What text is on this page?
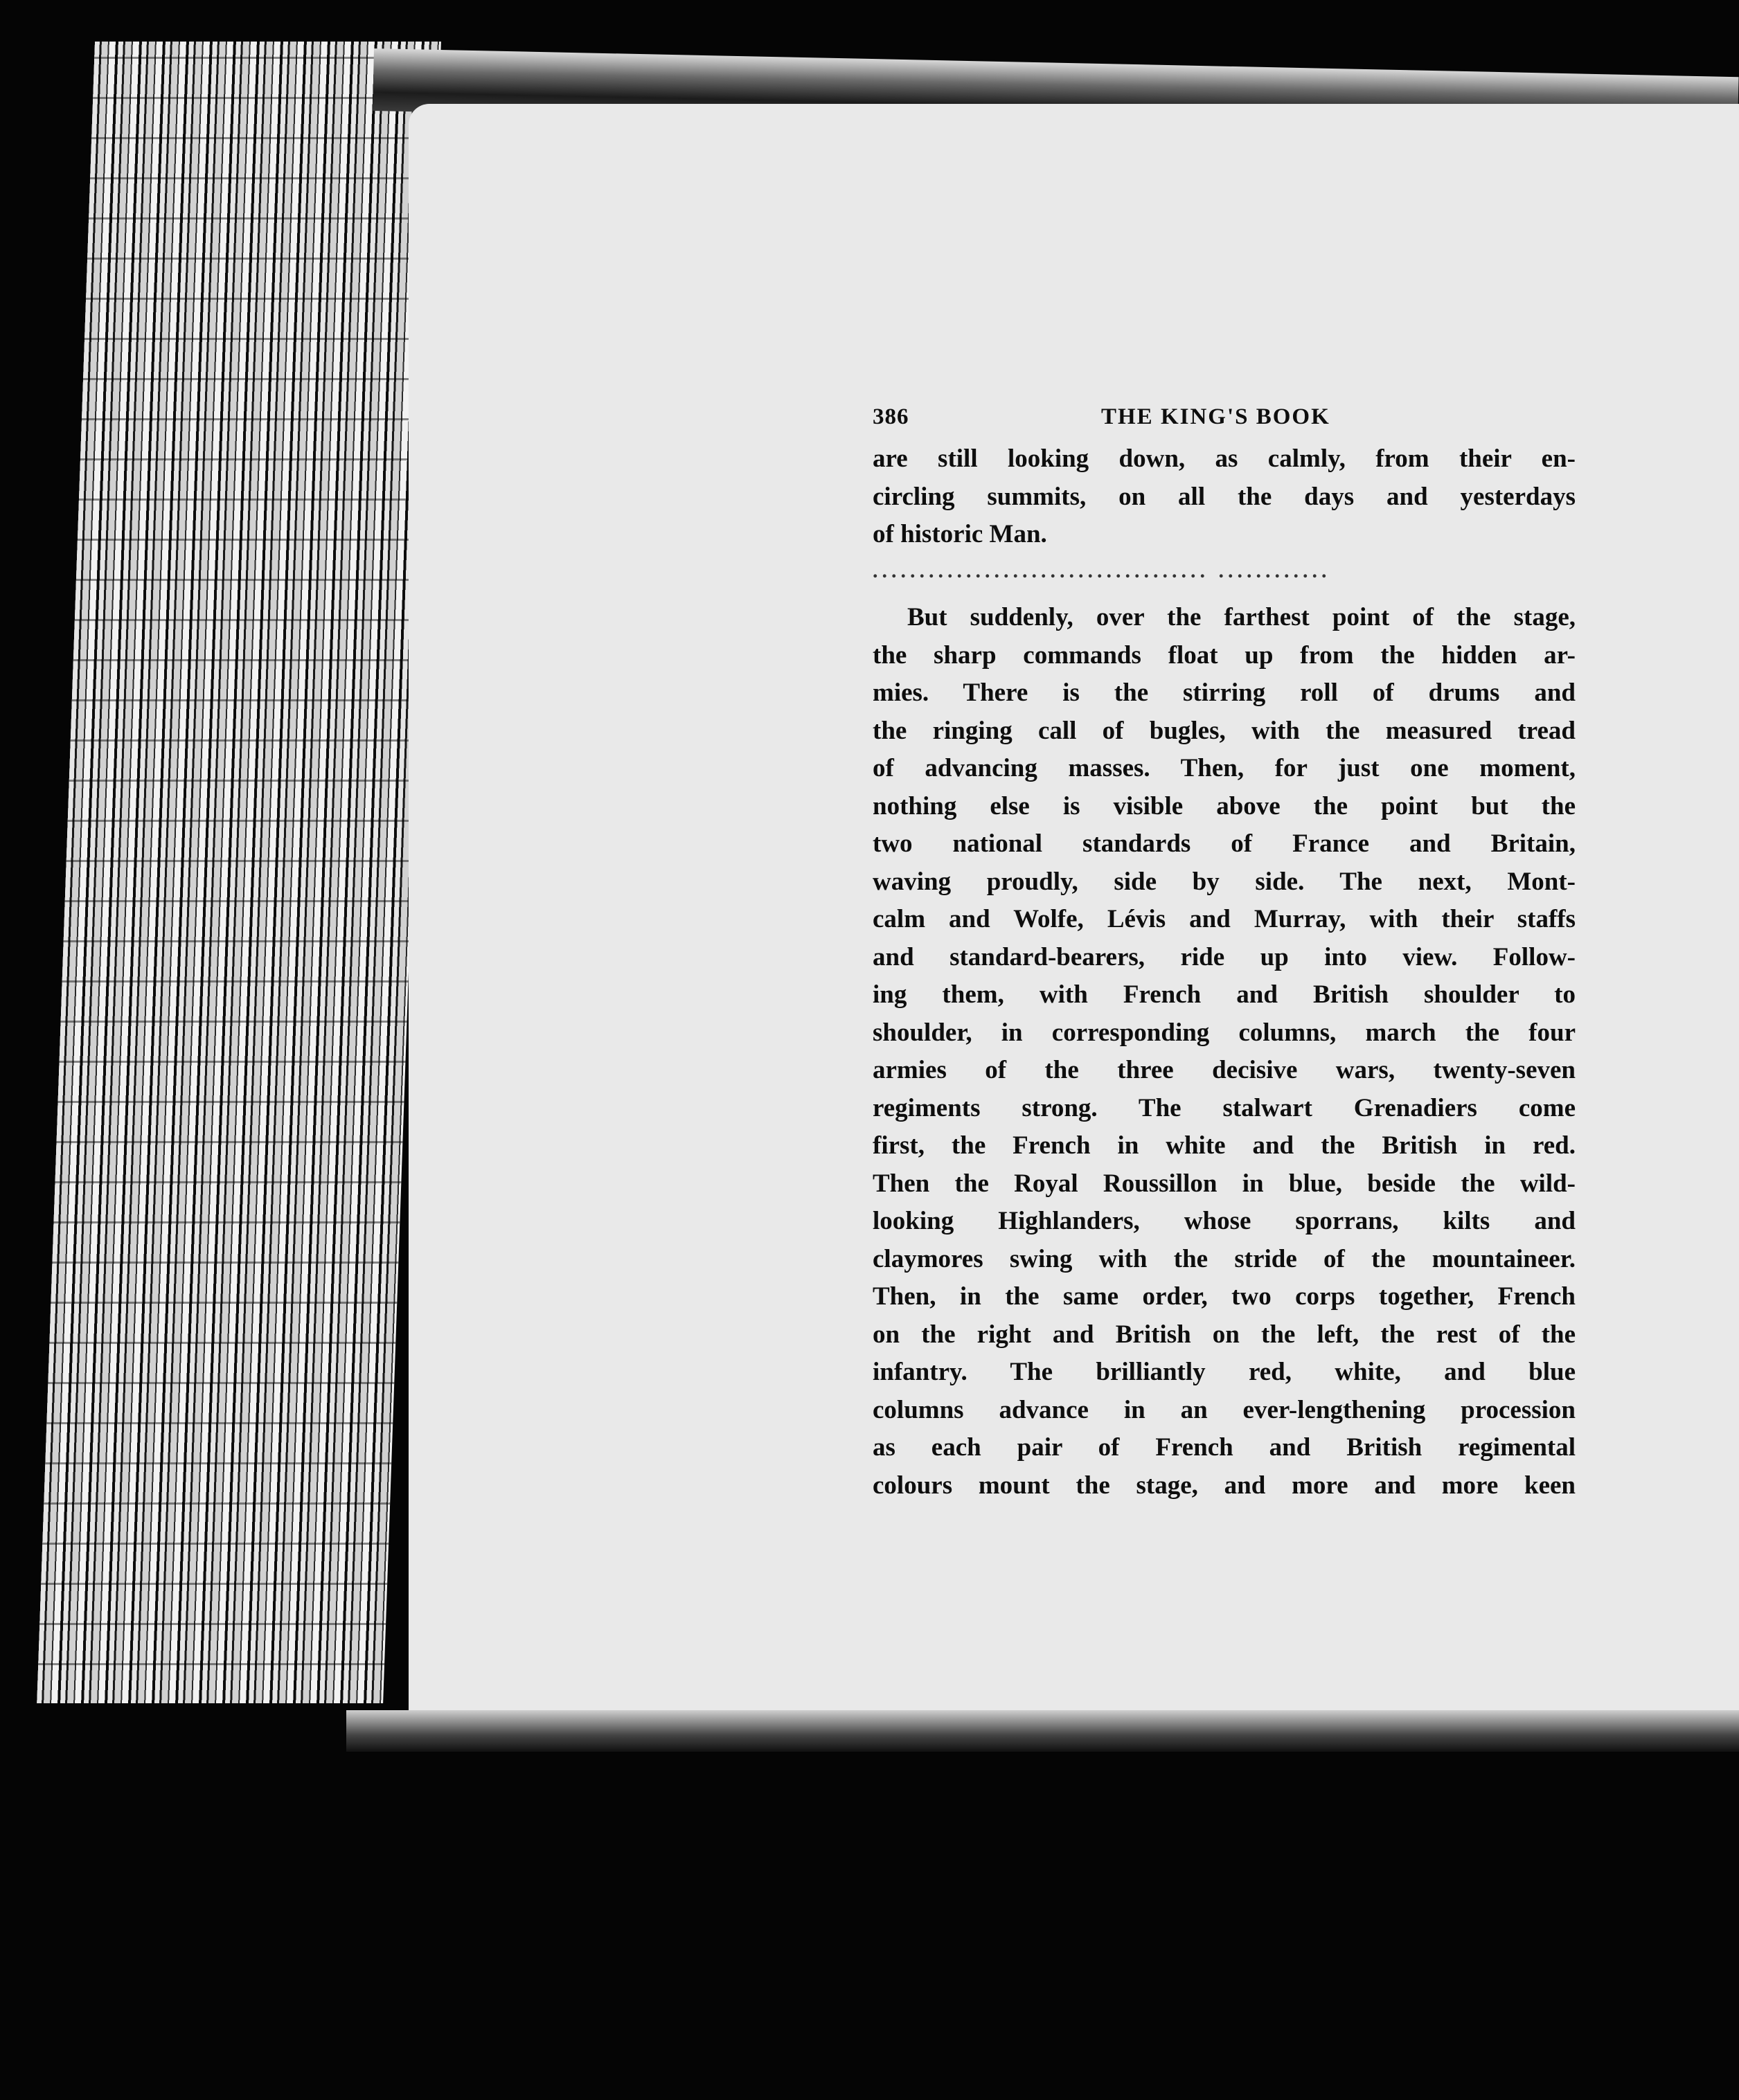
386	THE KING'S BOOK
are still looking down, as calmly, from their en-
circling summits, on all the days and yesterdays
of historic Man.
.................................... ............
But suddenly, over the farthest point of the stage,
the sharp commands float up from the hidden ar-
mies. There is the stirring roll of drums and
the ringing call of bugles, with the measured tread
of advancing masses. Then, for just one moment,
nothing else is visible above the point but the
two national standards of France and Britain,
waving proudly, side by side. The next, Mont-
calm and Wolfe, Lévis and Murray, with their staffs
and standard-bearers, ride up into view. Follow-
ing them, with French and British shoulder to
shoulder, in corresponding columns, march the four
armies of the three decisive wars, twenty-seven
regiments strong. The stalwart Grenadiers come
first, the French in white and the British in red.
Then the Royal Roussillon in blue, beside the wild-
looking Highlanders, whose sporrans, kilts and
claymores swing with the stride of the mountaineer.
Then, in the same order, two corps together, French
on the right and British on the left, the rest of the
infantry. The brilliantly red, white, and blue
columns advance in an ever-lengthening procession
as each pair of French and British regimental
colours mount the stage, and more and more keen
